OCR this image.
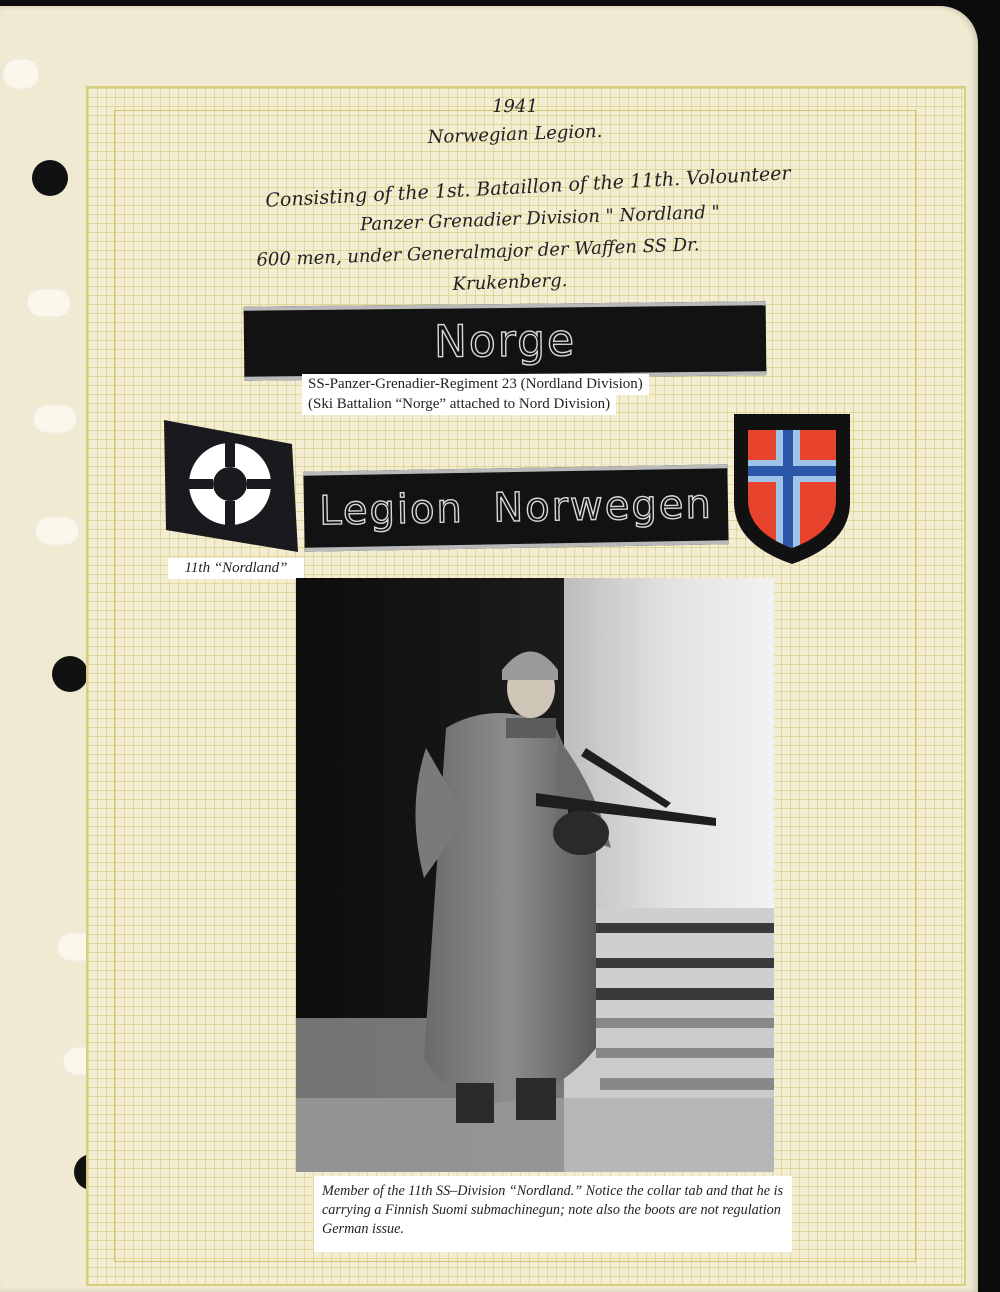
1941
Norwegian Legion.
Consisting of the 1st. Bataillon of the 11th. Volounteer
Panzer Grenadier Division " Nordland "
600 men, under Generalmajor der Waffen SS Dr.
Krukenberg.
Norge
SS-Panzer-Grenadier-Regiment 23 (Nordland Division)
(Ski Battalion “Norge” attached to Nord Division)
11th “Nordland”
Legion  Norwegen
Member of the 11th SS–Division “Nordland.” Notice the collar tab and that he is carrying a Finnish Suomi submachinegun; note also the boots are not regulation German issue.
